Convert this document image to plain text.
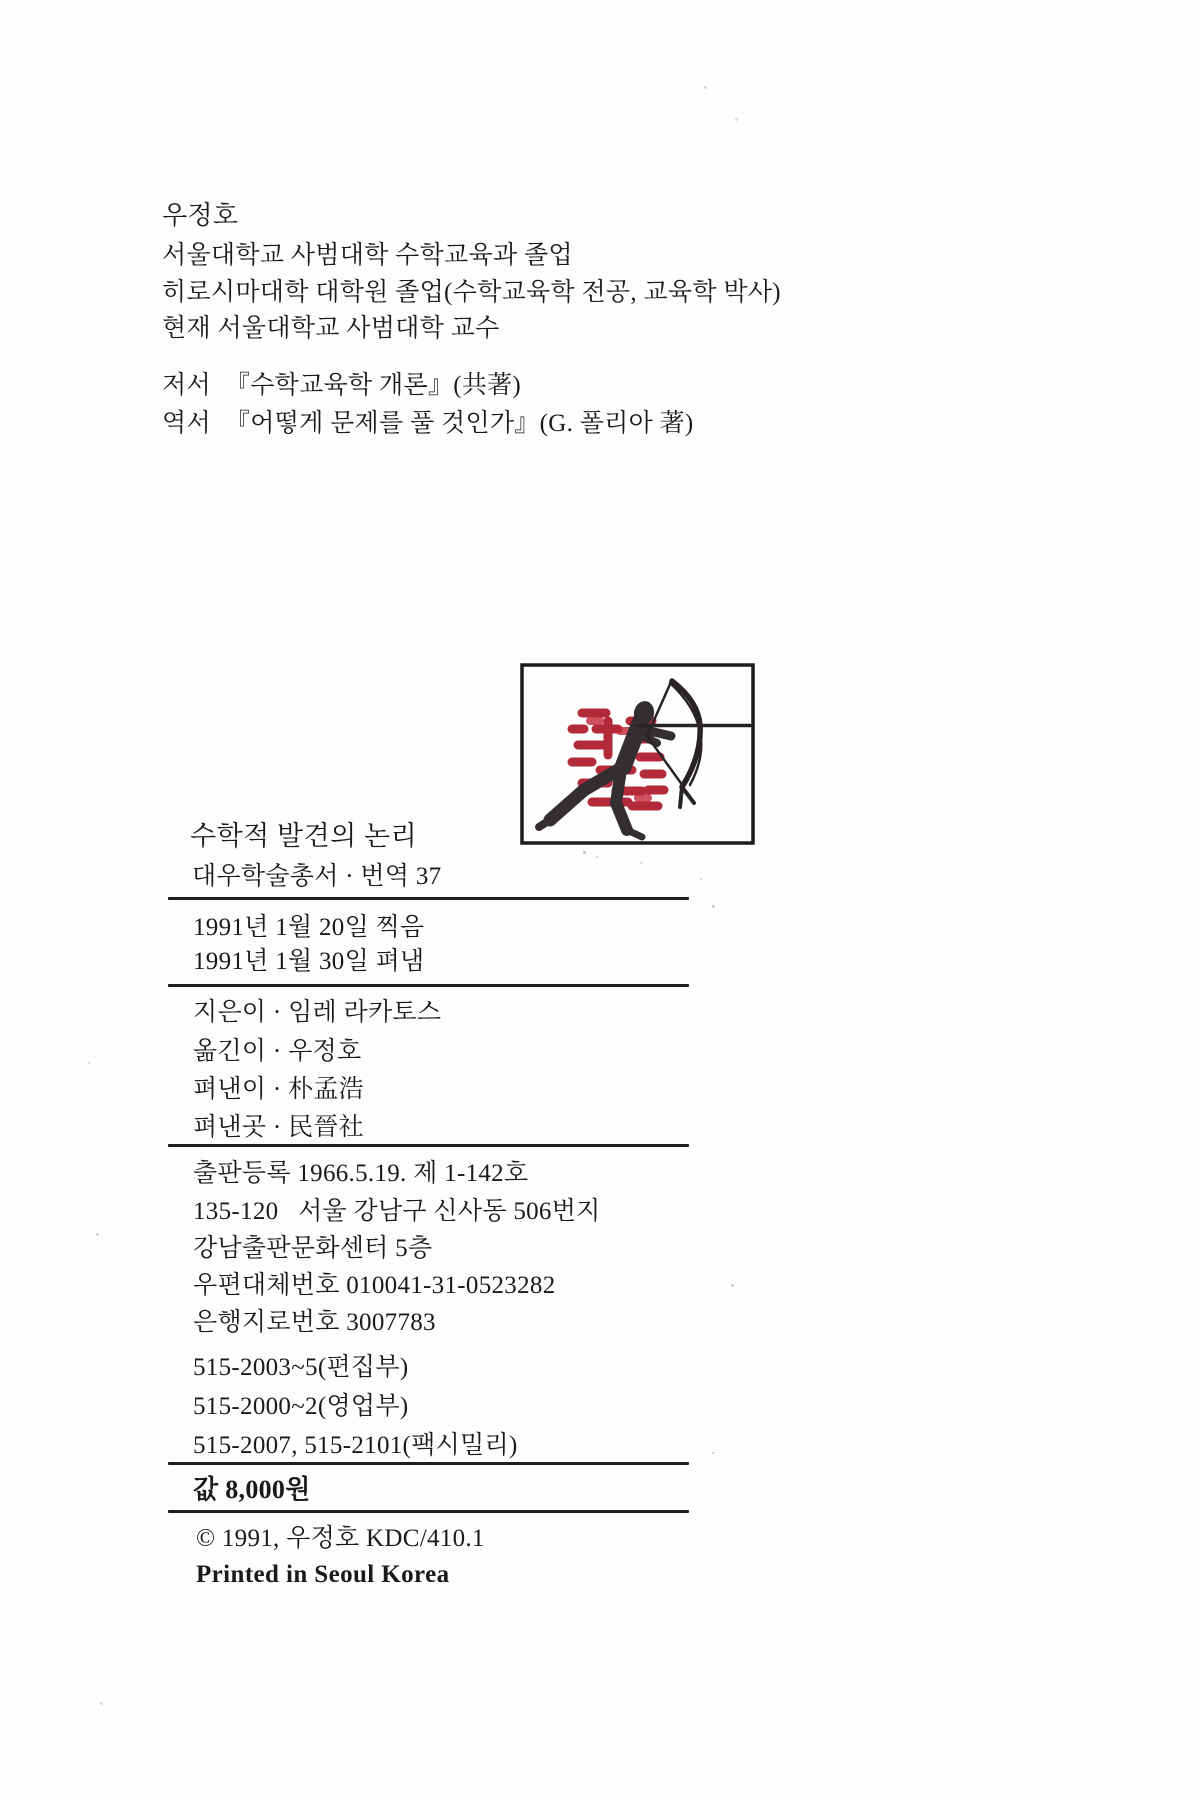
우정호
서울대학교 사범대학 수학교육과 졸업
히로시마대학 대학원 졸업(수학교육학 전공, 교육학 박사)
현재 서울대학교 사범대학 교수
저서 『수학교육학 개론』(共著)
역서 『어떻게 문제를 풀 것인가』(G. 폴리아 著)
수학적 발견의 논리
대우학술총서 · 번역 37
1991년 1월 20일 찍음
1991년 1월 30일 펴냄
지은이 · 임레 라카토스
옮긴이 · 우정호
펴낸이 · 朴孟浩
펴낸곳 · 民晉社
출판등록 1966.5.19. 제 1-142호
135-120   서울 강남구 신사동 506번지
강남출판문화센터 5층
우편대체번호 010041-31-0523282
은행지로번호 3007783
515-2003~5(편집부)
515-2000~2(영업부)
515-2007, 515-2101(팩시밀리)
값 8,000원
© 1991, 우정호 KDC/410.1
Printed in Seoul Korea
